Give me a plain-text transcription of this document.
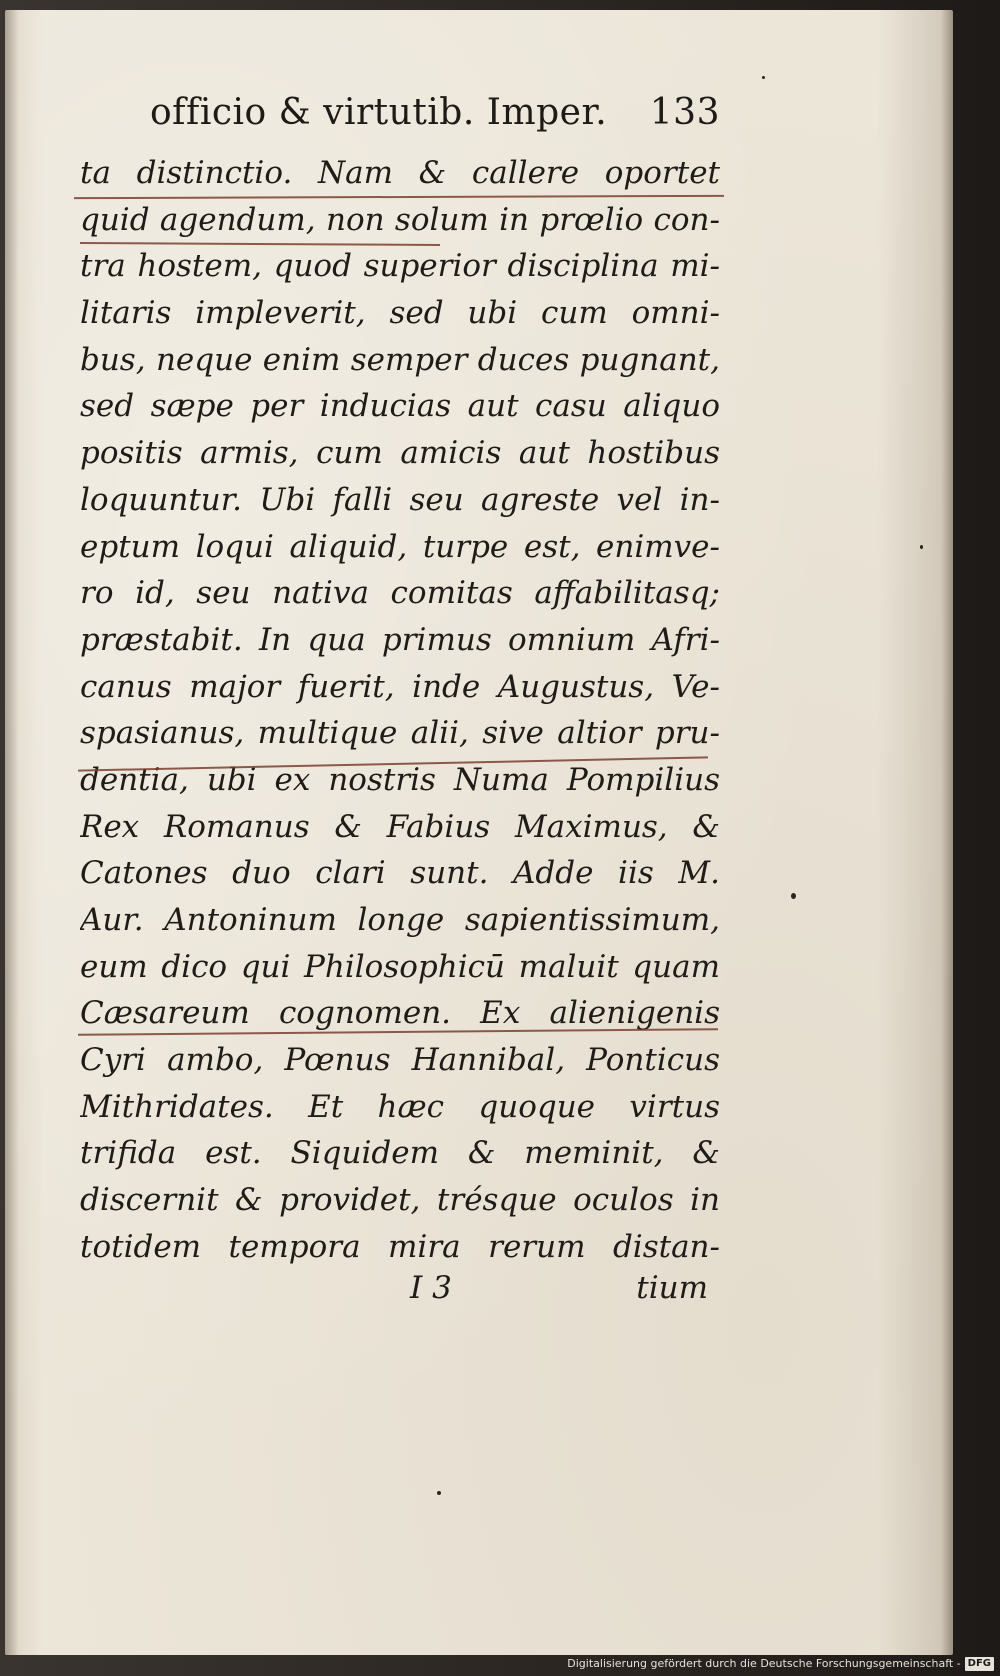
officio & virtutib. Imper. 133
ta distinctio. Nam & callere oportet
quid agendum, non solum in prœlio con-
tra hostem, quod superior disciplina mi-
litaris impleverit, sed ubi cum omni-
bus, neque enim semper duces pugnant,
sed sæpe per inducias aut casu aliquo
positis armis, cum amicis aut hostibus
loquuntur. Ubi falli seu agreste vel in-
eptum loqui aliquid, turpe est, enimve-
ro id, seu nativa comitas affabilitasq;
præstabit. In qua primus omnium Afri-
canus major fuerit, inde Augustus, Ve-
spasianus, multique alii, sive altior pru-
dentia, ubi ex nostris Numa Pompilius
Rex Romanus & Fabius Maximus, &
Catones duo clari sunt. Adde iis M.
Aur. Antoninum longe sapientissimum,
eum dico qui Philosophicū maluit quam
Cæsareum cognomen. Ex alienigenis
Cyri ambo, Pœnus Hannibal, Ponticus
Mithridates. Et hæc quoque virtus
trifida est. Siquidem & meminit, &
discernit & providet, trésque oculos in
totidem tempora mira rerum distan-
I 3	tium
Digitalisierung gefördert durch die Deutsche Forschungsgemeinschaft - DFG
